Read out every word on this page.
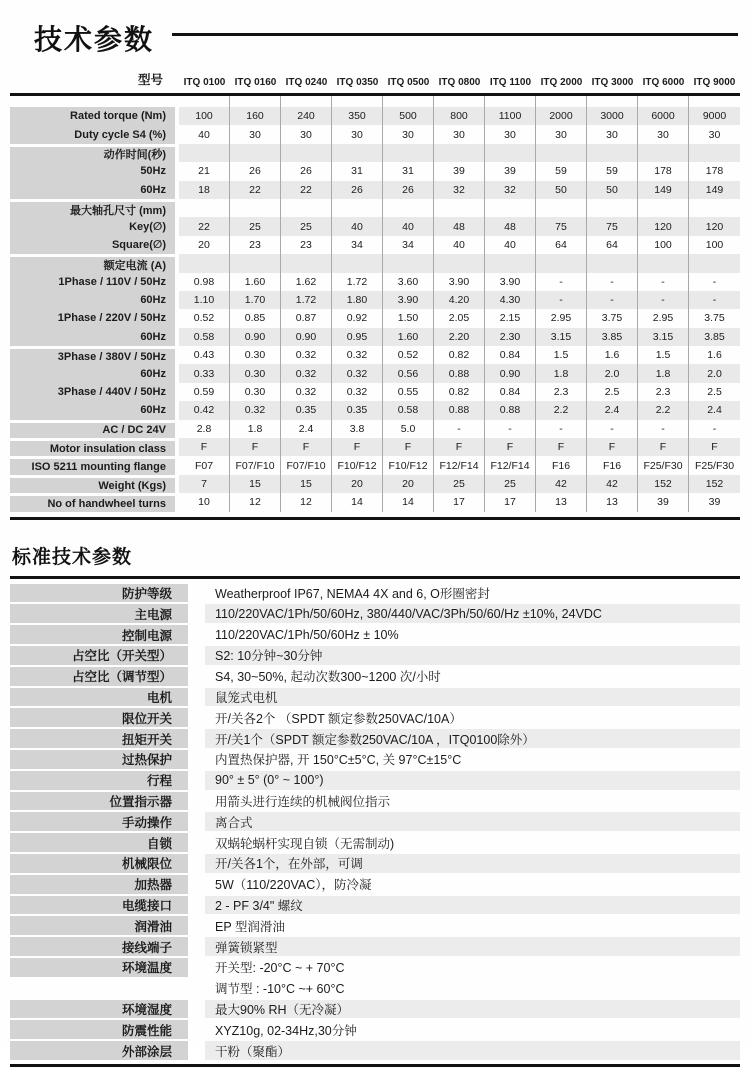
技术参数
型号	ITQ 0100 ITQ 0160 ITQ 0240 ITQ 0350 ITQ 0500 ITQ 0800 ITQ 1100 ITQ 2000 ITQ 3000 ITQ 6000 ITQ 9000
Rated torque (Nm)	100	160	240	350	500	800	1100	2000	3000	6000	9000
Duty cycle S4 (%)	40	30	30	30	30	30	30	30	30	30	30
动作时间(秒)
50Hz	21	26	26	31	31	39	39	59	59	178	178
60Hz	18	22	22	26	26	32	32	50	50	149	149
最大轴孔尺寸 (mm)
Key(∅)	22	25	25	40	40	48	48	75	75	120	120
Square(∅)	20	23	23	34	34	40	40	64	64	100	100
额定电流 (A)
1Phase / 110V / 50Hz	0.98	1.60	1.62	1.72	3.60	3.90	3.90	-	-	-	-
60Hz	1.10	1.70	1.72	1.80	3.90	4.20	4.30	-	-	-	-
1Phase / 220V / 50Hz	0.52	0.85	0.87	0.92	1.50	2.05	2.15	2.95	3.75	2.95	3.75
60Hz	0.58	0.90	0.90	0.95	1.60	2.20	2.30	3.15	3.85	3.15	3.85
3Phase / 380V / 50Hz	0.43	0.30	0.32	0.32	0.52	0.82	0.84	1.5	1.6	1.5	1.6
60Hz	0.33	0.30	0.32	0.32	0.56	0.88	0.90	1.8	2.0	1.8	2.0
3Phase / 440V / 50Hz	0.59	0.30	0.32	0.32	0.55	0.82	0.84	2.3	2.5	2.3	2.5
60Hz	0.42	0.32	0.35	0.35	0.58	0.88	0.88	2.2	2.4	2.2	2.4
AC / DC 24V	2.8	1.8	2.4	3.8	5.0	-	-	-	-	-	-
Motor insulation class	F	F	F	F	F	F	F	F	F	F	F
ISO 5211 mounting flange	F07	F07/F10	F07/F10	F10/F12	F10/F12	F12/F14	F12/F14	F16	F16	F25/F30	F25/F30
Weight (Kgs)	7	15	15	20	20	25	25	42	42	152	152
No of handwheel turns	10	12	12	14	14	17	17	13	13	39	39
标准技术参数
防护等级	Weatherproof IP67, NEMA4 4X and 6, O形圈密封
主电源	110/220VAC/1Ph/50/60Hz, 380/440/VAC/3Ph/50/60/Hz ±10%, 24VDC
控制电源	110/220VAC/1Ph/50/60Hz ± 10%
占空比（开关型）	S2: 10分钟~30分钟
占空比（调节型）	S4, 30~50%, 起动次数300~1200 次/小时
电机	鼠笼式电机
限位开关	开/关各2个 （SPDT 额定参数250VAC/10A）
扭矩开关	开/关1个（SPDT 额定参数250VAC/10A ，ITQ0100除外）
过热保护	内置热保护器, 开 150°C±5°C, 关 97°C±15°C
行程	90° ± 5° (0° ~ 100°)
位置指示器	用箭头进行连续的机械阀位指示
手动操作	离合式
自锁	双蜗轮蜗杆实现自锁（无需制动)
机械限位	开/关各1个，在外部，可调
加热器	5W（110/220VAC），防冷凝
电缆接口	2 - PF 3/4" 螺纹
润滑油	EP 型润滑油
接线端子	弹簧锁紧型
环境温度	开关型: -20°C ~ + 70°C
调节型 : -10°C ~+ 60°C
环境湿度	最大90% RH（无冷凝）
防震性能	XYZ10g, 02-34Hz,30分钟
外部涂层	干粉（聚酯）
